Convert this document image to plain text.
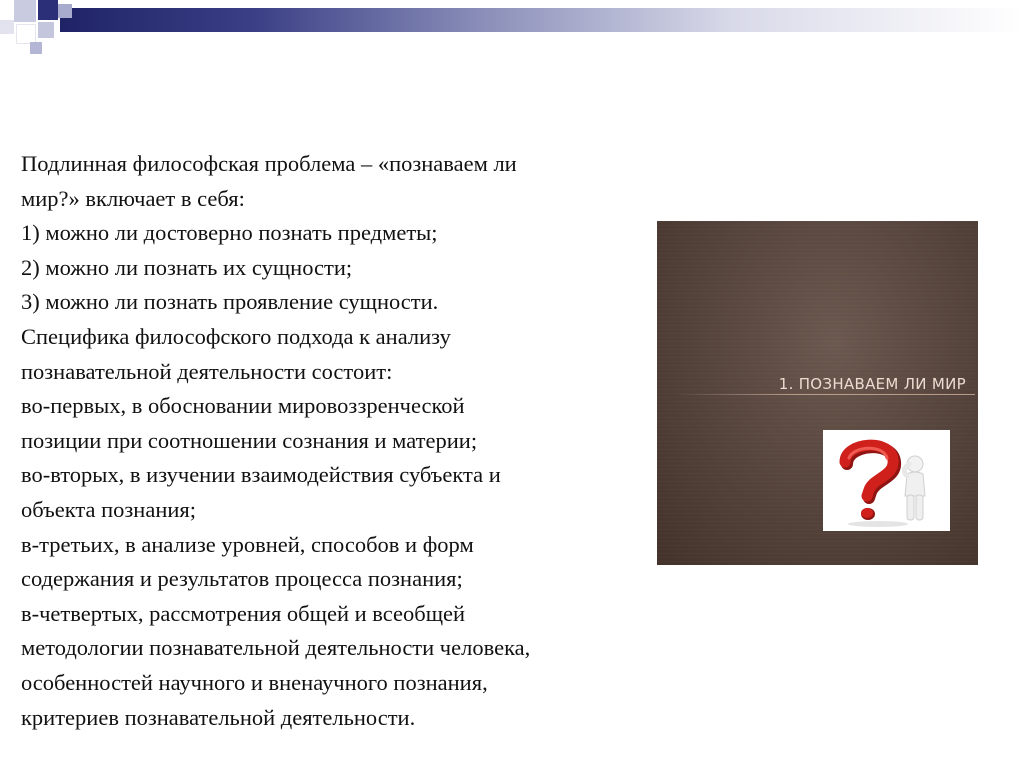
Подлинная философская проблема – «познаваем ли
мир?» включает в себя:
1) можно ли достоверно познать предметы;
2) можно ли познать их сущности;
3) можно ли познать проявление сущности.
Специфика философского подхода к анализу
познавательной деятельности состоит:
во-первых, в обосновании мировоззренческой
позиции при соотношении сознания и материи;
во-вторых, в изучении взаимодействия субъекта и
объекта познания;
в-третьих, в анализе уровней, способов и форм
содержания и результатов процесса познания;
в-четвертых, рассмотрения общей и всеобщей
методологии познавательной деятельности человека,
особенностей научного и вненаучного познания,
критериев познавательной деятельности.
1. ПОЗНАВАЕМ ЛИ МИР
